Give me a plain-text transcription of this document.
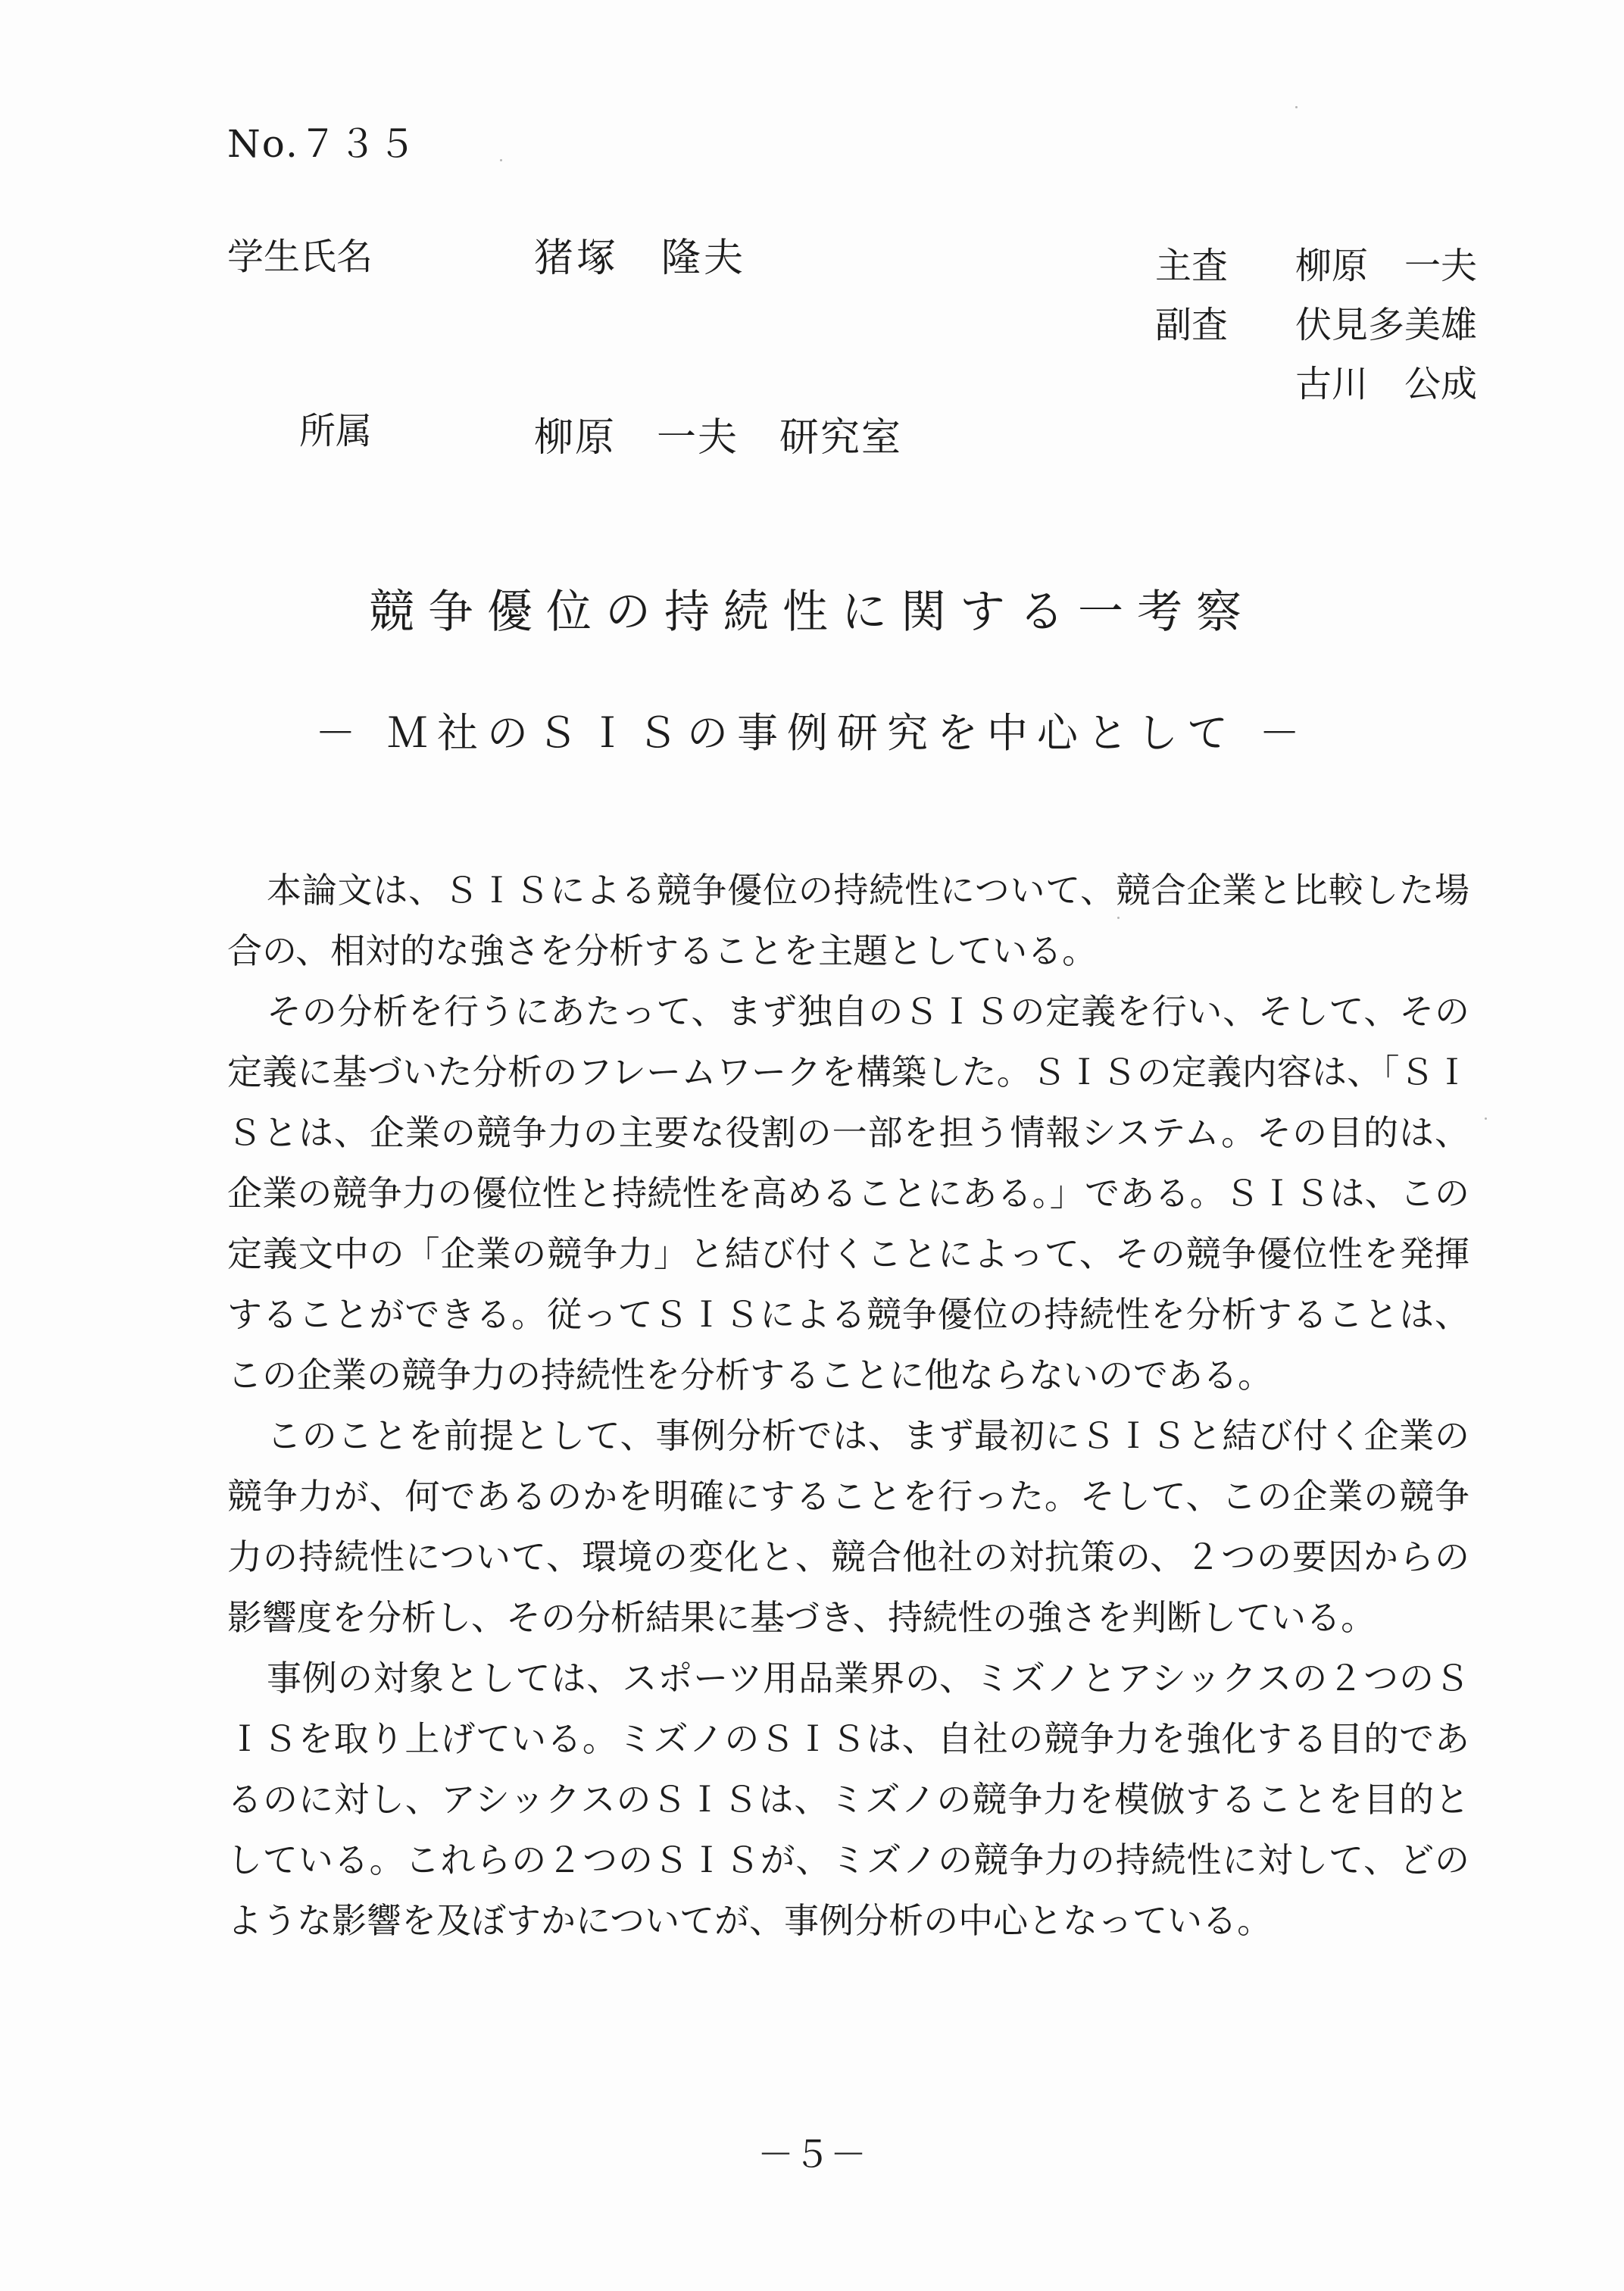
No.７３５
学生氏名	猪塚　隆夫	主査 柳原　一夫
副査 伏見多美雄
古川　公成
所属	柳原　一夫　研究室
競争優位の持続性に関する一考察
－ Ｍ社のＳＩＳの事例研究を中心として －

本論文は、ＳＩＳによる競争優位の持続性について、競合企業と比較した場合の、相対的な強さを分析することを主題としている。

その分析を行うにあたって、まず独自のＳＩＳの定義を行い、そして、その定義に基づいた分析のフレームワークを構築した。ＳＩＳの定義内容は、「ＳＩＳとは、企業の競争力の主要な役割の一部を担う情報システム。その目的は、企業の競争力の優位性と持続性を高めることにある。」である。ＳＩＳは、この定義文中の「企業の競争力」と結び付くことによって、その競争優位性を発揮することができる。従ってＳＩＳによる競争優位の持続性を分析することは、この企業の競争力の持続性を分析することに他ならないのである。

このことを前提として、事例分析では、まず最初にＳＩＳと結び付く企業の競争力が、何であるのかを明確にすることを行った。そして、この企業の競争力の持続性について、環境の変化と、競合他社の対抗策の、２つの要因からの影響度を分析し、その分析結果に基づき、持続性の強さを判断している。

事例の対象としては、スポーツ用品業界の、ミズノとアシックスの２つのＳＩＳを取り上げている。ミズノのＳＩＳは、自社の競争力を強化する目的であるのに対し、アシックスのＳＩＳは、ミズノの競争力を模倣することを目的としている。これらの２つのＳＩＳが、ミズノの競争力の持続性に対して、どのような影響を及ぼすかについてが、事例分析の中心となっている。

－５－
